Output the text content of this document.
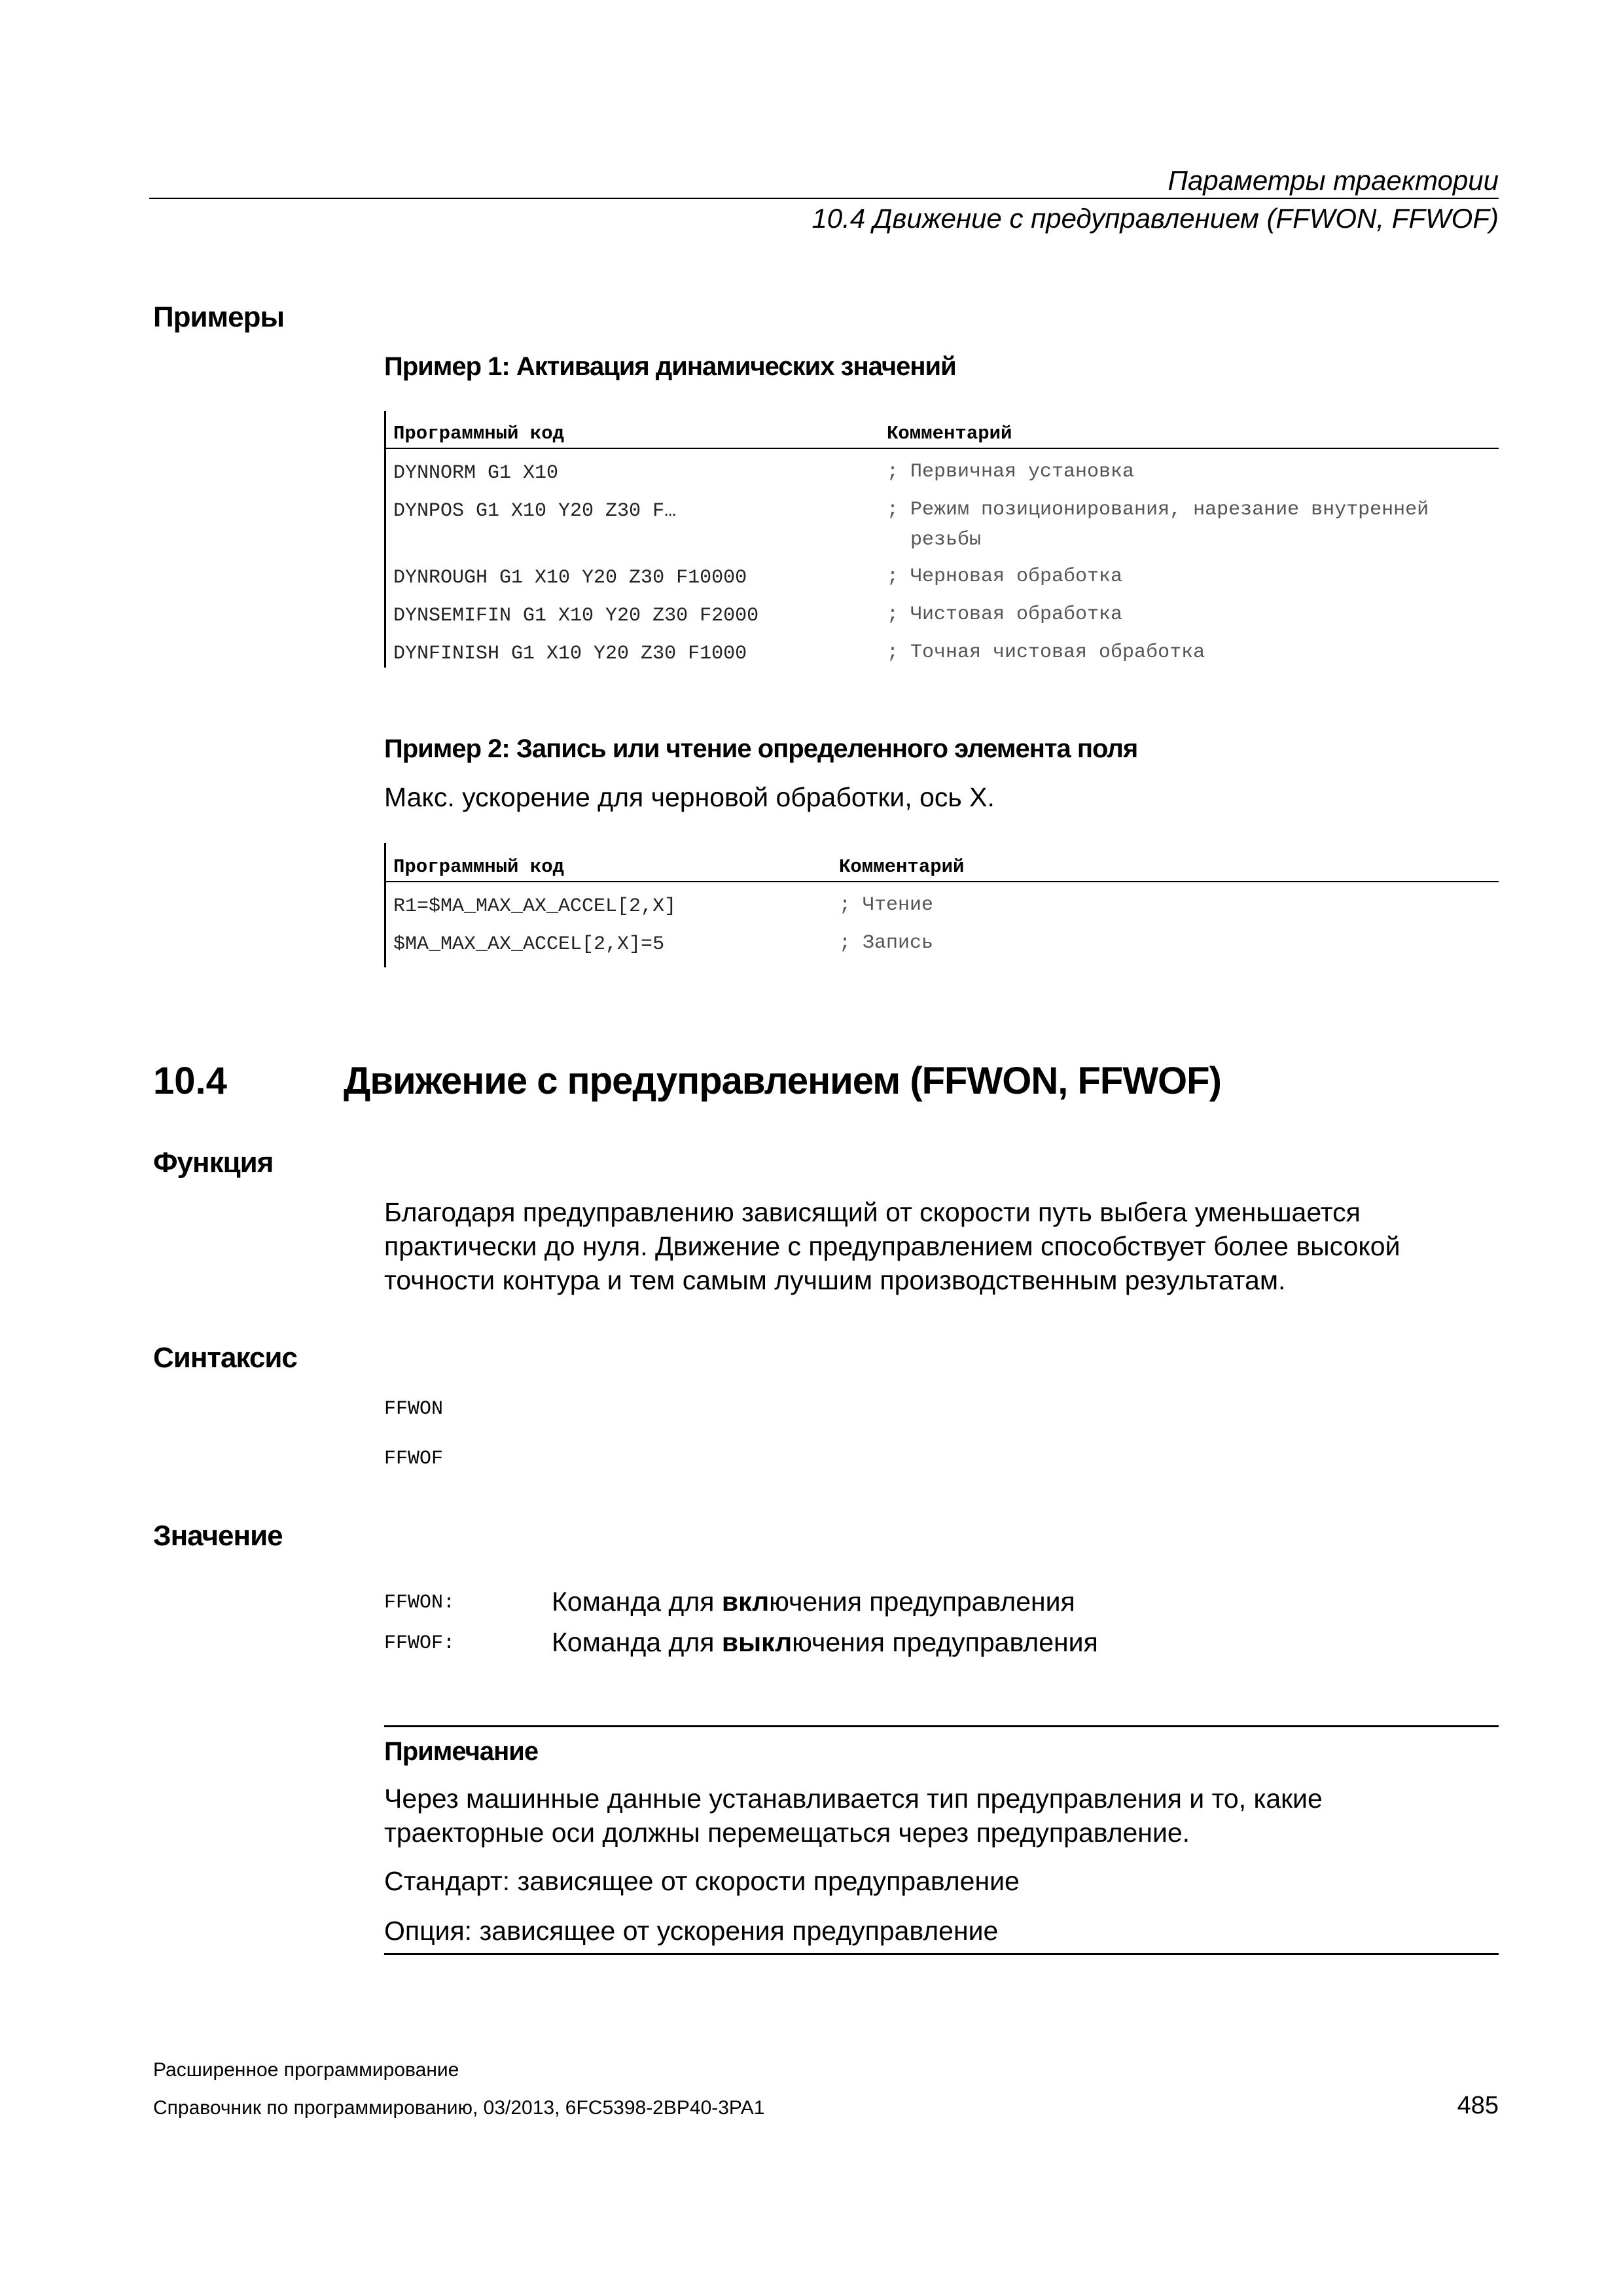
Параметры траектории
10.4 Движение с предуправлением (FFWON, FFWOF)
Примеры
Пример 1: Активация динамических значений
Программный код	Комментарий
DYNNORM G1 X10	; Первичная установка
DYNPOS G1 X10 Y20 Z30 F…	; Режим позиционирования, нарезание внутренней
резьбы
DYNROUGH G1 X10 Y20 Z30 F10000	; Черновая обработка
DYNSEMIFIN G1 X10 Y20 Z30 F2000	; Чистовая обработка
DYNFINISH G1 X10 Y20 Z30 F1000	; Точная чистовая обработка
Пример 2: Запись или чтение определенного элемента поля
Макс. ускорение для черновой обработки, ось X.
Программный код	Комментарий
R1=$MA_MAX_AX_ACCEL[2,X]	; Чтение
$MA_MAX_AX_ACCEL[2,X]=5	; Запись
10.4	Движение с предуправлением (FFWON, FFWOF)
Функция
Благодаря предуправлению зависящий от скорости путь выбега уменьшается
практически до нуля. Движение с предуправлением способствует более высокой
точности контура и тем самым лучшим производственным результатам.
Синтаксис
FFWON
FFWOF
Значение
FFWON:	Команда для включения предуправления
FFWOF:	Команда для выключения предуправления
Примечание
Через машинные данные устанавливается тип предуправления и то, какие
траекторные оси должны перемещаться через предуправление.
Стандарт: зависящее от скорости предуправление
Опция: зависящее от ускорения предуправление
Расширенное программирование
Справочник по программированию, 03/2013, 6FC5398-2BP40-3PA1	485
